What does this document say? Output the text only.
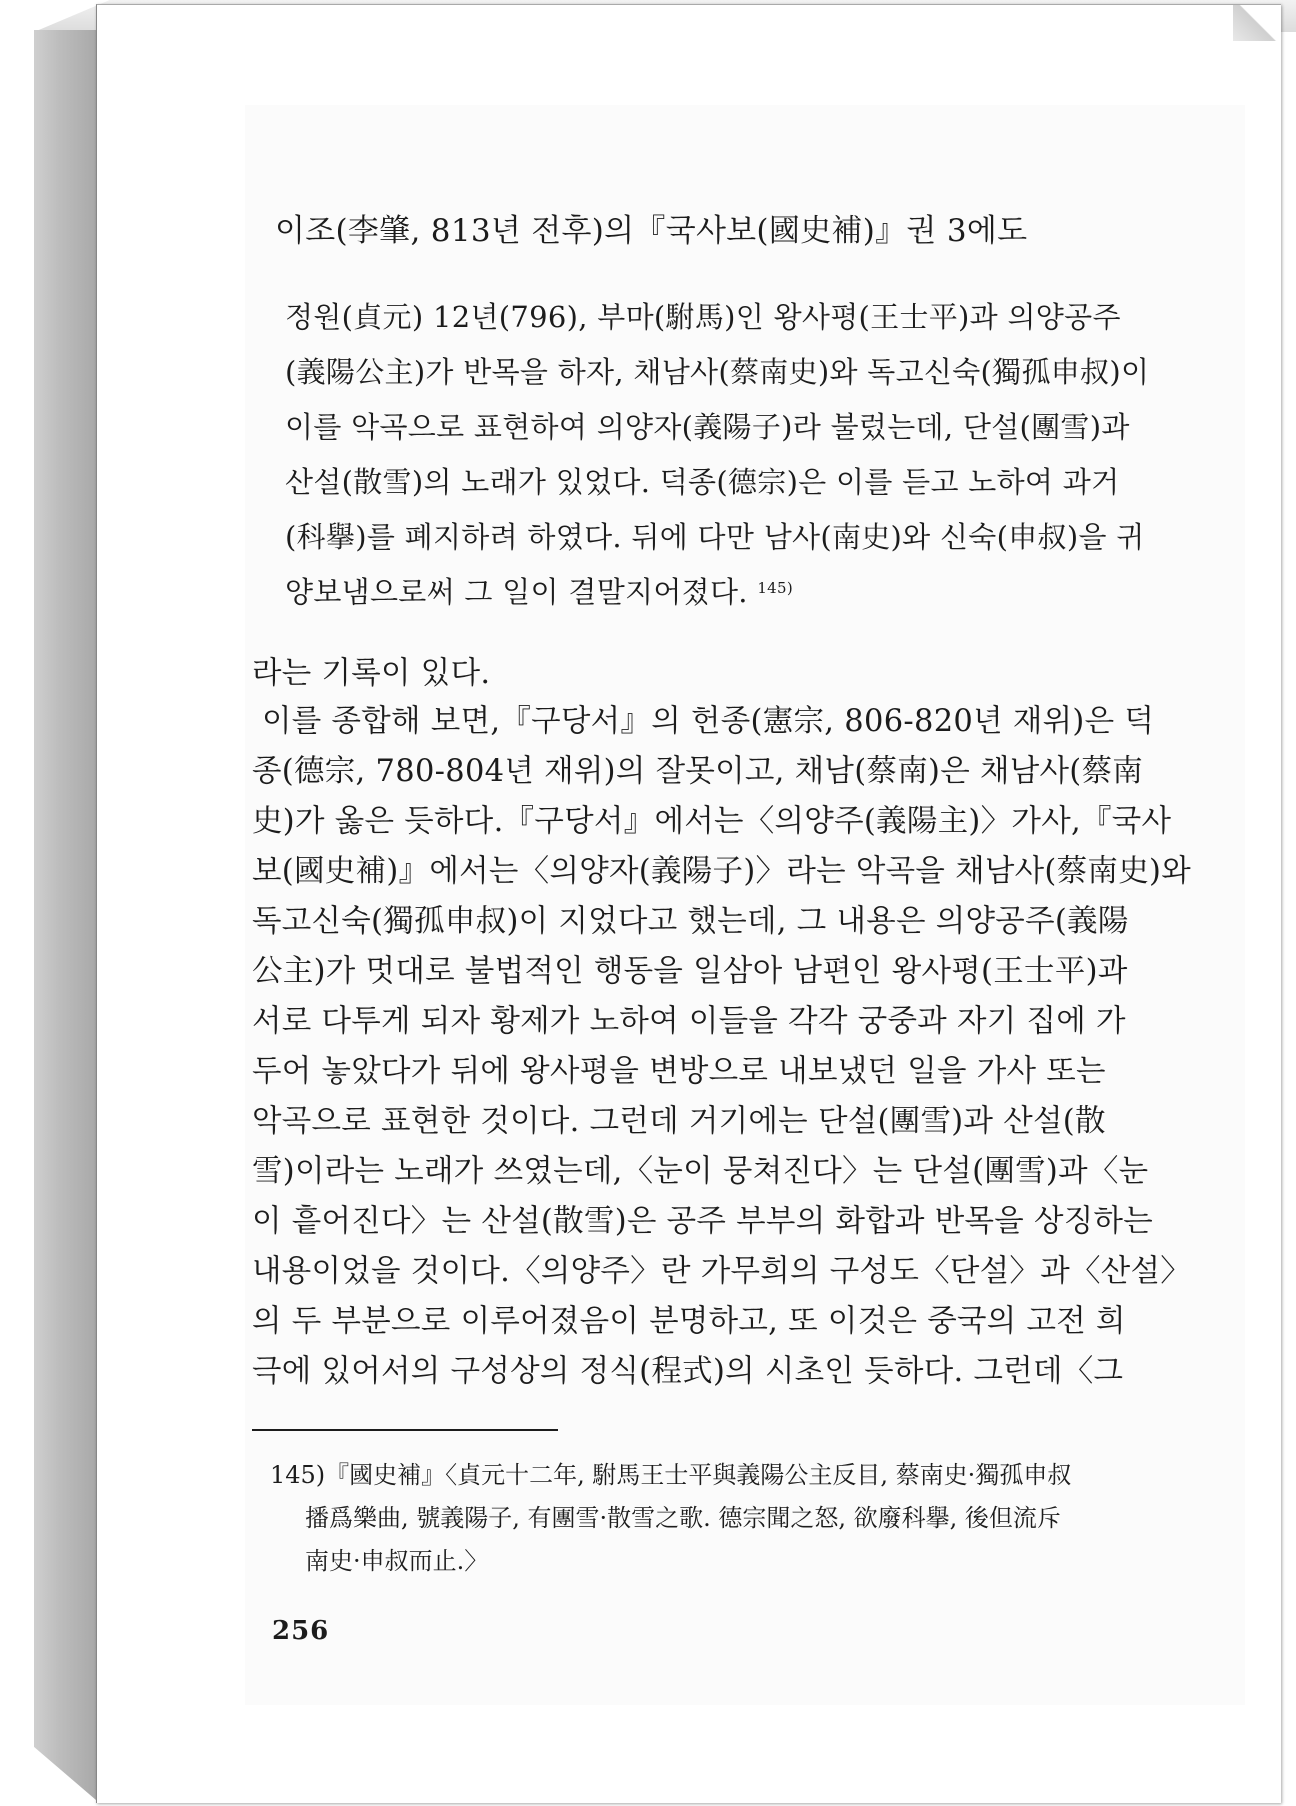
이조(李肇, 813년 전후)의『국사보(國史補)』권 3에도
정원(貞元) 12년(796), 부마(駙馬)인 왕사평(王士平)과 의양공주
(義陽公主)가 반목을 하자, 채남사(蔡南史)와 독고신숙(獨孤申叔)이
이를 악곡으로 표현하여 의양자(義陽子)라 불렀는데, 단설(團雪)과
산설(散雪)의 노래가 있었다. 덕종(德宗)은 이를 듣고 노하여 과거
(科擧)를 폐지하려 하였다. 뒤에 다만 남사(南史)와 신숙(申叔)을 귀
양보냄으로써 그 일이 결말지어졌다. $^{145)}$
라는 기록이 있다.
이를 종합해 보면,『구당서』의 헌종(憲宗, 806-820년 재위)은 덕
종(德宗, 780-804년 재위)의 잘못이고, 채남(蔡南)은 채남사(蔡南
史)가 옳은 듯하다.『구당서』에서는〈의양주(義陽主)〉가사,『국사
보(國史補)』에서는〈의양자(義陽子)〉라는 악곡을 채남사(蔡南史)와
독고신숙(獨孤申叔)이 지었다고 했는데, 그 내용은 의양공주(義陽
公主)가 멋대로 불법적인 행동을 일삼아 남편인 왕사평(王士平)과
서로 다투게 되자 황제가 노하여 이들을 각각 궁중과 자기 집에 가
두어 놓았다가 뒤에 왕사평을 변방으로 내보냈던 일을 가사 또는
악곡으로 표현한 것이다. 그런데 거기에는 단설(團雪)과 산설(散
雪)이라는 노래가 쓰였는데,〈눈이 뭉쳐진다〉는 단설(團雪)과〈눈
이 흩어진다〉는 산설(散雪)은 공주 부부의 화합과 반목을 상징하는
내용이었을 것이다.〈의양주〉란 가무희의 구성도〈단설〉과〈산설〉
의 두 부분으로 이루어졌음이 분명하고, 또 이것은 중국의 고전 희
극에 있어서의 구성상의 정식(程式)의 시초인 듯하다. 그런데〈그
145)『國史補』〈貞元十二年, 駙馬王士平與義陽公主反目, 蔡南史·獨孤申叔
播爲樂曲, 號義陽子, 有團雪·散雪之歌. 德宗聞之怒, 欲廢科擧, 後但流斥
南史·申叔而止.〉
256
